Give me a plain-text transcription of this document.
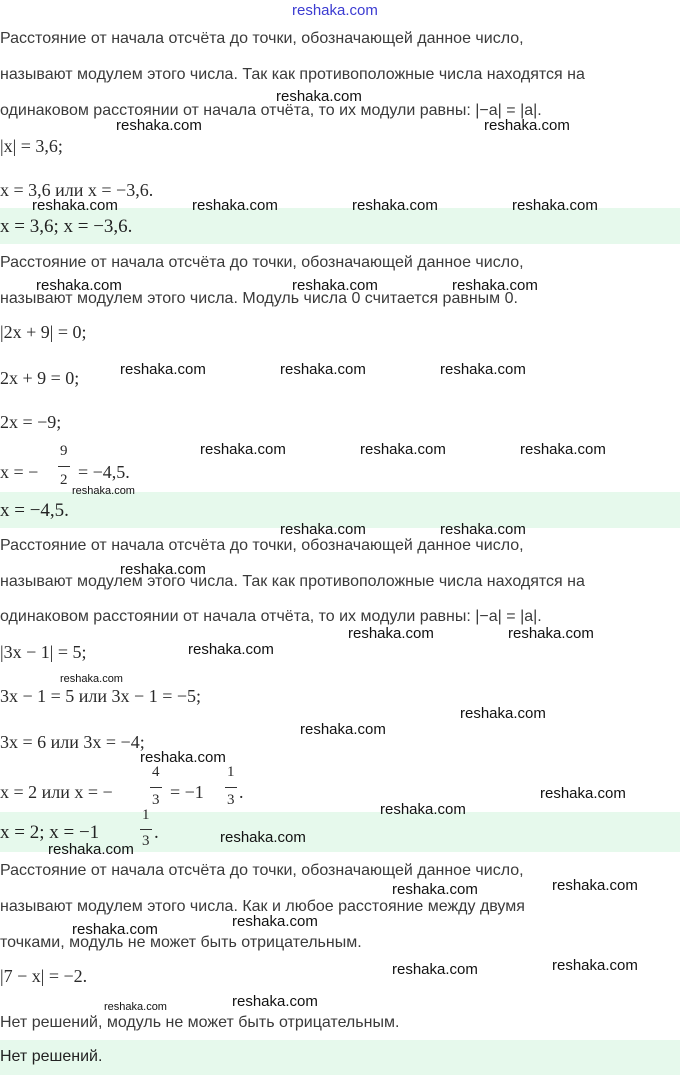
reshaka.com
Расстояние от начала отсчёта до точки, обозначающей данное число,
называют модулем этого числа. Так как противоположные числа находятся на
одинаковом расстоянии от начала отчёта, то их модули равны: |−a| = |a|.
|x| = 3,6;
x = 3,6 или x = −3,6.
x = 3,6; x = −3,6.
Расстояние от начала отсчёта до точки, обозначающей данное число,
называют модулем этого числа. Модуль числа 0 считается равным 0.
|2x + 9| = 0;
2x + 9 = 0;
2x = −9;
x = −
9
2 = −4,5.
x = −4,5.
Расстояние от начала отсчёта до точки, обозначающей данное число,
называют модулем этого числа. Так как противоположные числа находятся на
одинаковом расстоянии от начала отчёта, то их модули равны: |−a| = |a|.
|3x − 1| = 5;
3x − 1 = 5 или 3x − 1 = −5;
3x = 6 или 3x = −4;
x = 2 или x = −
4
3 = −1
1
3 .
x = 2; x = −1
1
3 .
Расстояние от начала отсчёта до точки, обозначающей данное число,
называют модулем этого числа. Как и любое расстояние между двумя
точками, модуль не может быть отрицательным.
|7 − x| = −2.
Нет решений, модуль не может быть отрицательным.
Нет решений.
reshaka.com
reshaka.com	reshaka.com
reshaka.com	reshaka.com	reshaka.com	reshaka.com
reshaka.com	reshaka.com	reshaka.com
reshaka.com	reshaka.com	reshaka.com
reshaka.com	reshaka.com	reshaka.com
reshaka.com
reshaka.com	reshaka.com
reshaka.com
reshaka.com	reshaka.com
reshaka.com
reshaka.com
reshaka.com
reshaka.com
reshaka.com
reshaka.com
reshaka.com
reshaka.com
reshaka.com
reshaka.com
reshaka.com
reshaka.com
reshaka.com
reshaka.com
reshaka.com
reshaka.com
reshaka.com
